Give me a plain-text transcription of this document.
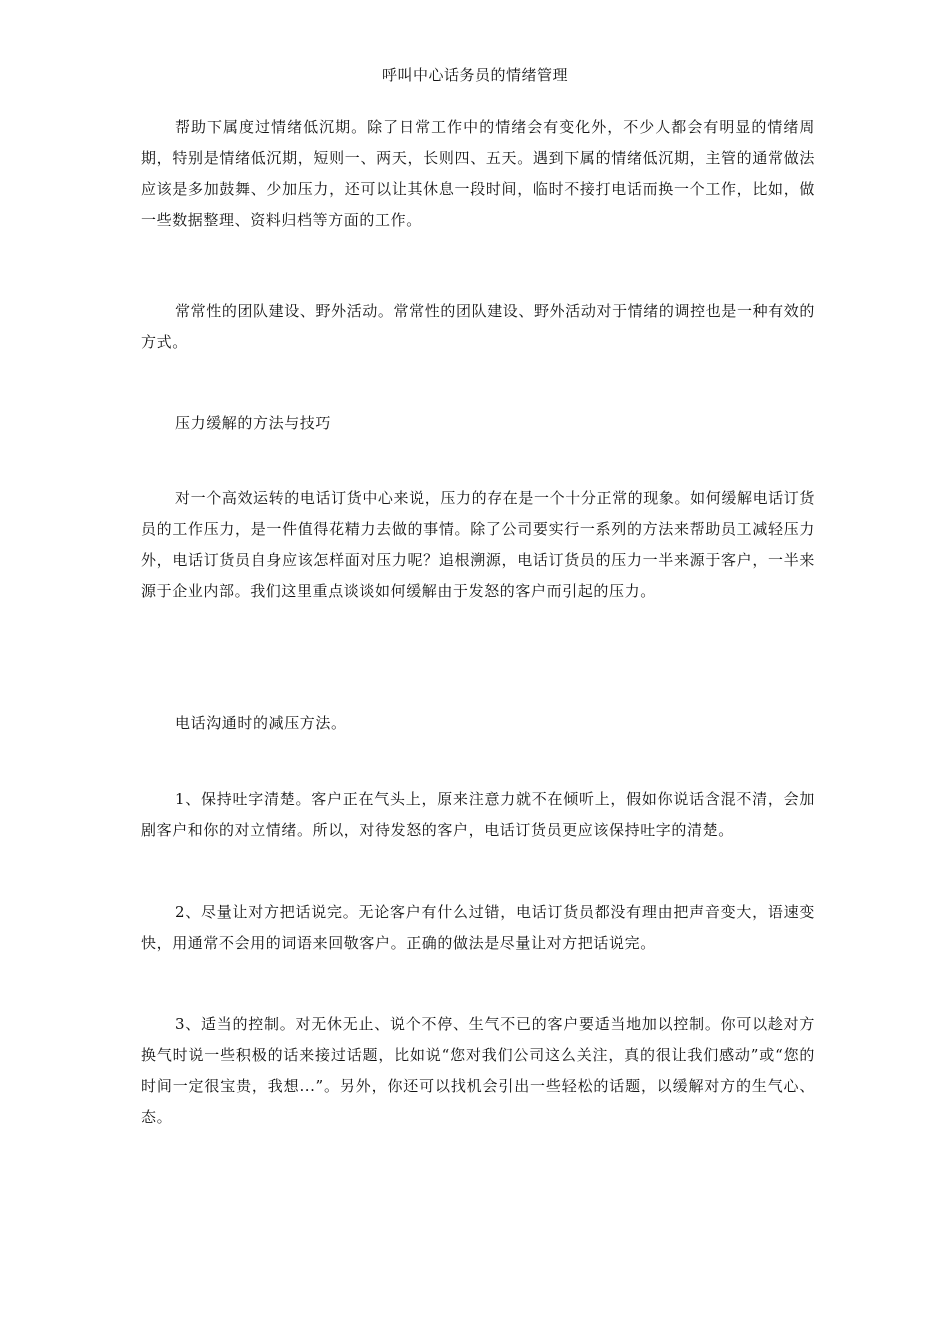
呼叫中心话务员的情绪管理

帮助下属度过情绪低沉期。除了日常工作中的情绪会有变化外，不少人都会有明显的情绪周期，特别是情绪低沉期，短则一、两天，长则四、五天。遇到下属的情绪低沉期，主管的通常做法应该是多加鼓舞、少加压力，还可以让其休息一段时间，临时不接打电话而换一个工作，比如，做一些数据整理、资料归档等方面的工作。

常常性的团队建设、野外活动。常常性的团队建设、野外活动对于情绪的调控也是一种有效的方式。

压力缓解的方法与技巧

对一个高效运转的电话订货中心来说，压力的存在是一个十分正常的现象。如何缓解电话订货员的工作压力，是一件值得花精力去做的事情。除了公司要实行一系列的方法来帮助员工减轻压力外，电话订货员自身应该怎样面对压力呢？追根溯源，电话订货员的压力一半来源于客户，一半来源于企业内部。我们这里重点谈谈如何缓解由于发怒的客户而引起的压力。

电话沟通时的减压方法。

1、保持吐字清楚。客户正在气头上，原来注意力就不在倾听上，假如你说话含混不清，会加剧客户和你的对立情绪。所以，对待发怒的客户，电话订货员更应该保持吐字的清楚。

2、尽量让对方把话说完。无论客户有什么过错，电话订货员都没有理由把声音变大，语速变快，用通常不会用的词语来回敬客户。正确的做法是尽量让对方把话说完。

3、适当的控制。对无休无止、说个不停、生气不已的客户要适当地加以控制。你可以趁对方换气时说一些积极的话来接过话题，比如说“您对我们公司这么关注，真的很让我们感动”或“您的时间一定很宝贵，我想...”。另外，你还可以找机会引出一些轻松的话题，以缓解对方的生气心、态。
